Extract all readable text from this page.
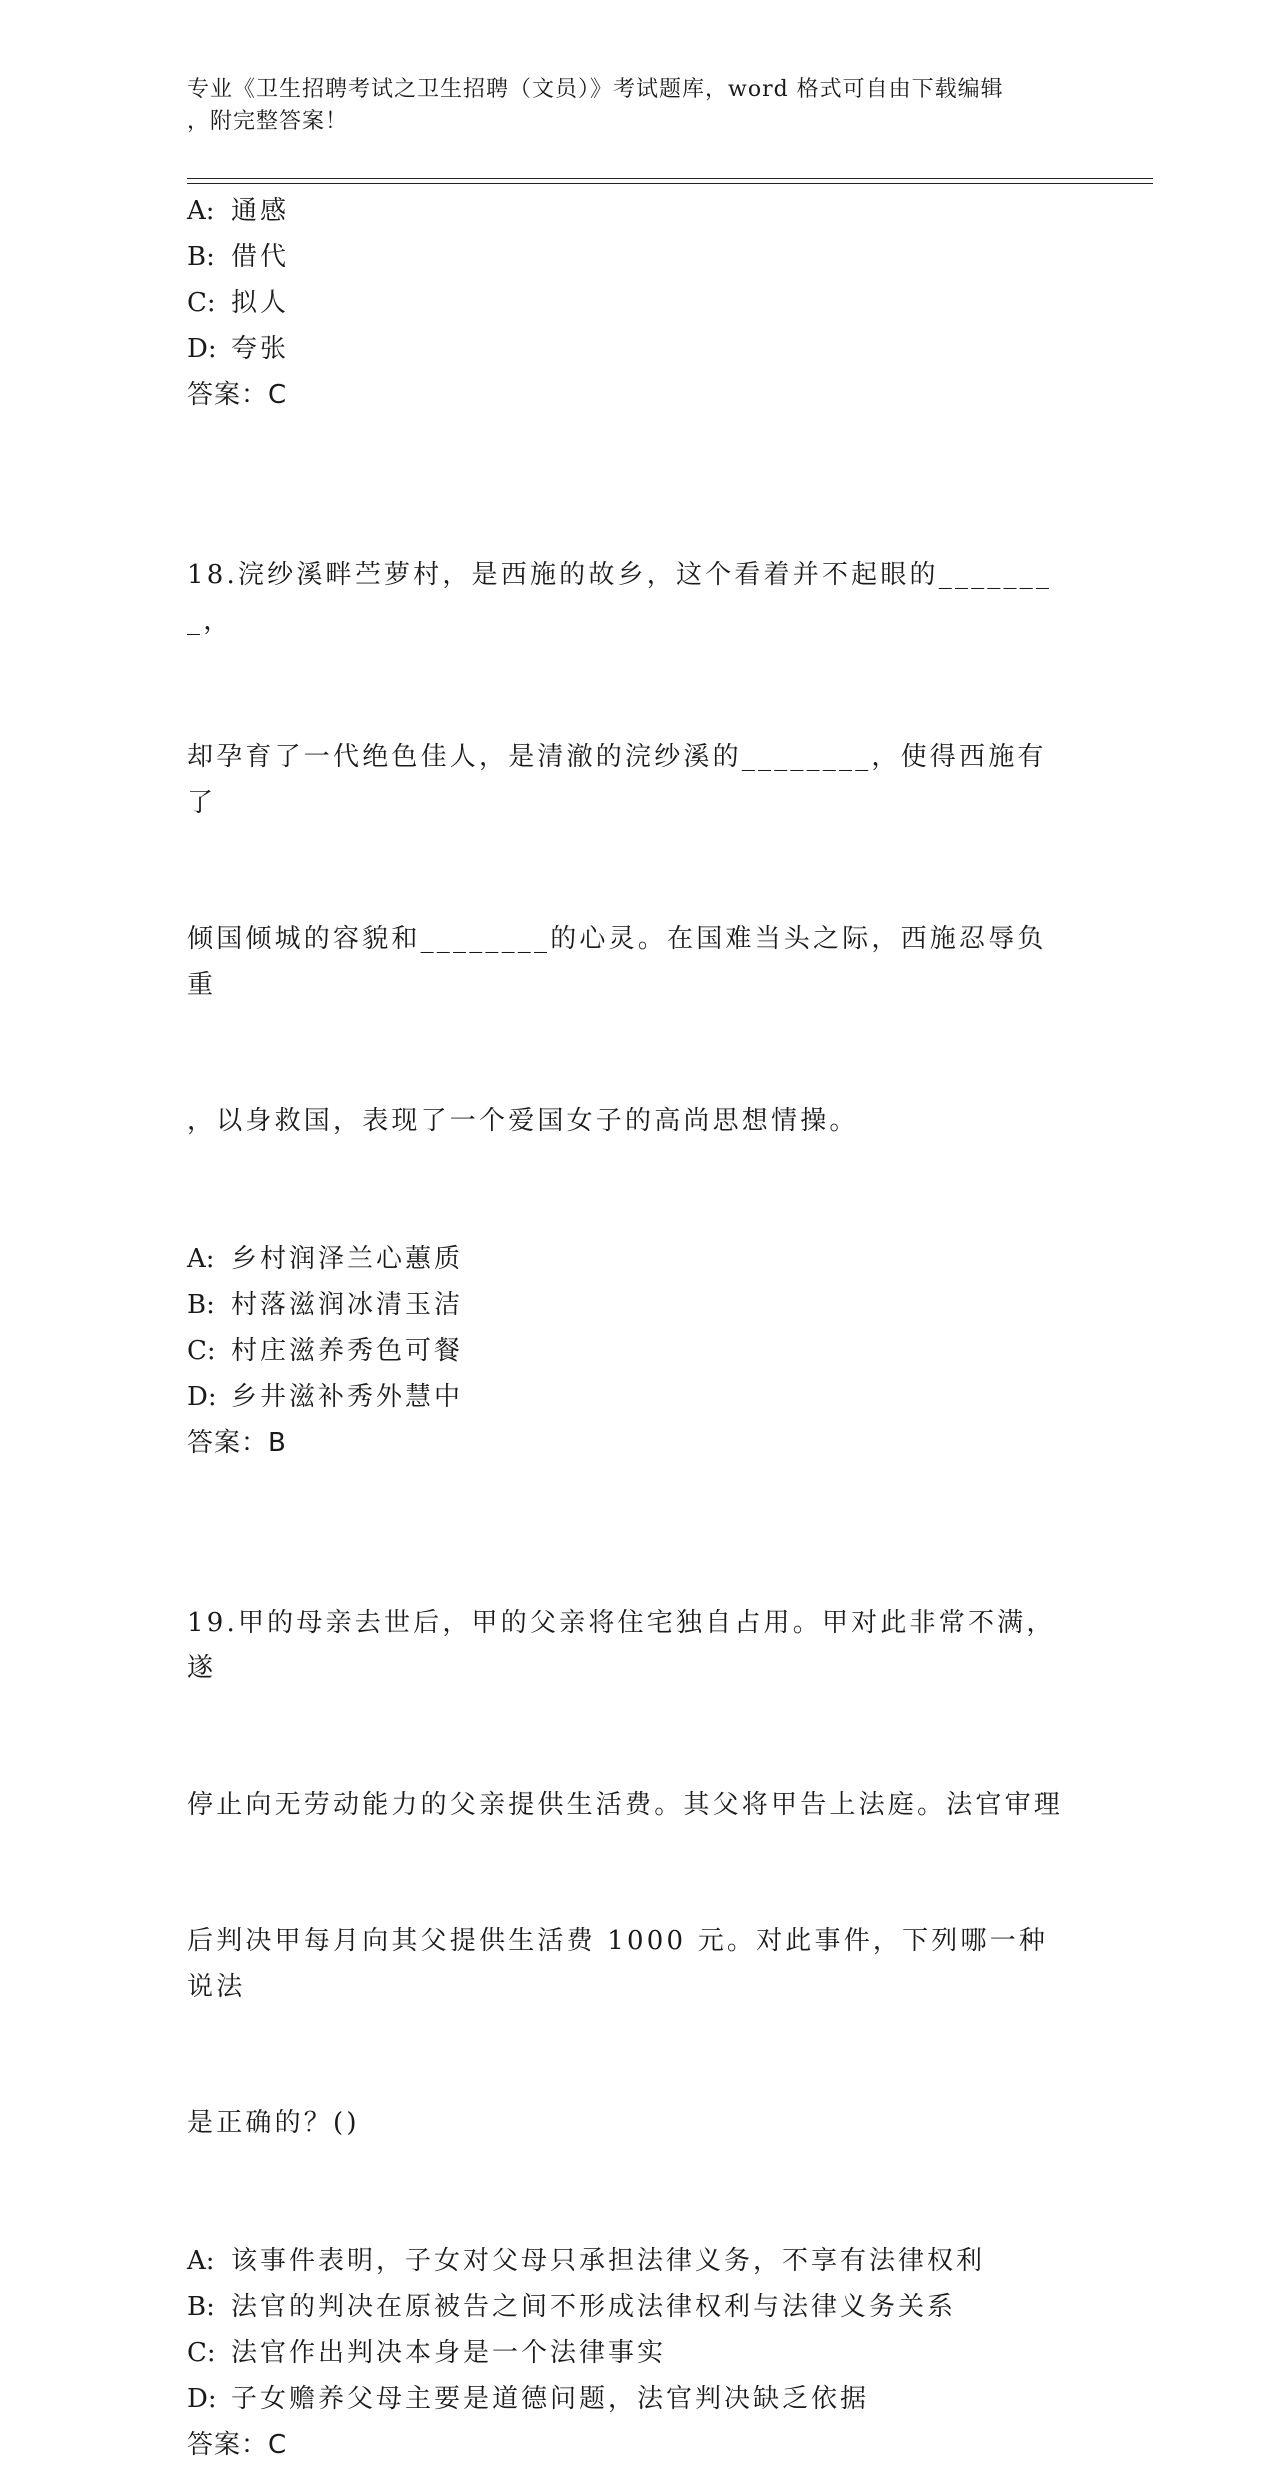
专业《卫生招聘考试之卫生招聘（文员）》考试题库，word 格式可自由下载编辑
，附完整答案！
A: 通感
B: 借代
C: 拟人
D: 夸张
答案：C

18.浣纱溪畔苎萝村，是西施的故乡，这个看着并不起眼的________，

却孕育了一代绝色佳人，是清澈的浣纱溪的________，使得西施有了

倾国倾城的容貌和________的心灵。在国难当头之际，西施忍辱负重

，以身救国，表现了一个爱国女子的高尚思想情操。

A: 乡村润泽兰心蕙质
B: 村落滋润冰清玉洁
C: 村庄滋养秀色可餐
D: 乡井滋补秀外慧中
答案：B

19.甲的母亲去世后，甲的父亲将住宅独自占用。甲对此非常不满，遂

停止向无劳动能力的父亲提供生活费。其父将甲告上法庭。法官审理

后判决甲每月向其父提供生活费 1000 元。对此事件，下列哪一种说法

是正确的？()

A: 该事件表明，子女对父母只承担法律义务，不享有法律权利
B: 法官的判决在原被告之间不形成法律权利与法律义务关系
C: 法官作出判决本身是一个法律事实
D: 子女赡养父母主要是道德问题，法官判决缺乏依据
答案：C
